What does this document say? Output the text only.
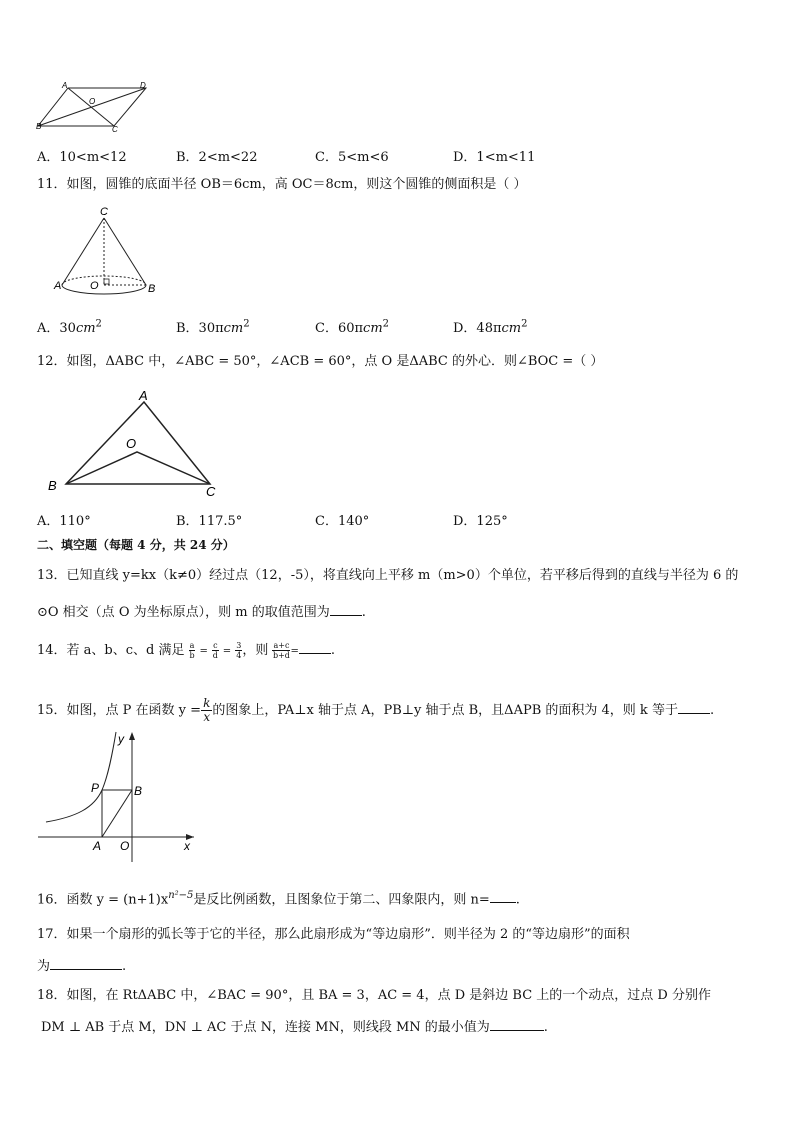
A	D
O
B	C
A．10<m<12	B．2<m<22	C．5<m<6	D．1<m<11
11．如图，圆锥的底面半径 OB＝6cm，高 OC＝8cm，则这个圆锥的侧面积是（ ）
C
A	O	B
A．$30cm^2$	B．30πcm$^2$	C．60πcm$^2$	D．48πcm$^2$
12．如图，ΔABC 中，∠ABC = 50°，∠ACB = 60°，点 O 是ΔABC 的外心．则∠BOC =（ ）
A
O
B	C
A．110°	B．117.5°	C．140°	D．125°
二、填空题（每题 4 分，共 24 分）
13．已知直线 y=kx（k≠0）经过点（12，-5），将直线向上平移 m（m>0）个单位，若平移后得到的直线与半径为 6 的
⊙O 相交（点 O 为坐标原点），则 m 的取值范围为 .
14．若 a、b、c、d 满足 $\frac{a}{b} = \frac{c}{d} = \frac{3}{4}$ ，则 $\frac{a+c}{b+d}$ = .
15．如图，点 P 在函数 $y = \frac{k}{x}$的图象上，PA⊥x 轴于点 A，PB⊥y 轴于点 B，且ΔAPB 的面积为 4，则 k 等于 .
y
P	B
A O	x
16．函数 $y = (n+1)x^{n^2-5}$是反比例函数，且图象位于第二、四象限内，则 n= .
17．如果一个扇形的弧长等于它的半径，那么此扇形成为“等边扇形”．则半径为 2 的“等边扇形”的面积
为	.
18．如图，在 RtΔABC 中，∠BAC = 90°，且 BA = 3，AC = 4，点 D 是斜边 BC 上的一个动点，过点 D 分别作
DM ⊥ AB 于点 M，DN ⊥ AC 于点 N，连接 MN，则线段 MN 的最小值为	.
